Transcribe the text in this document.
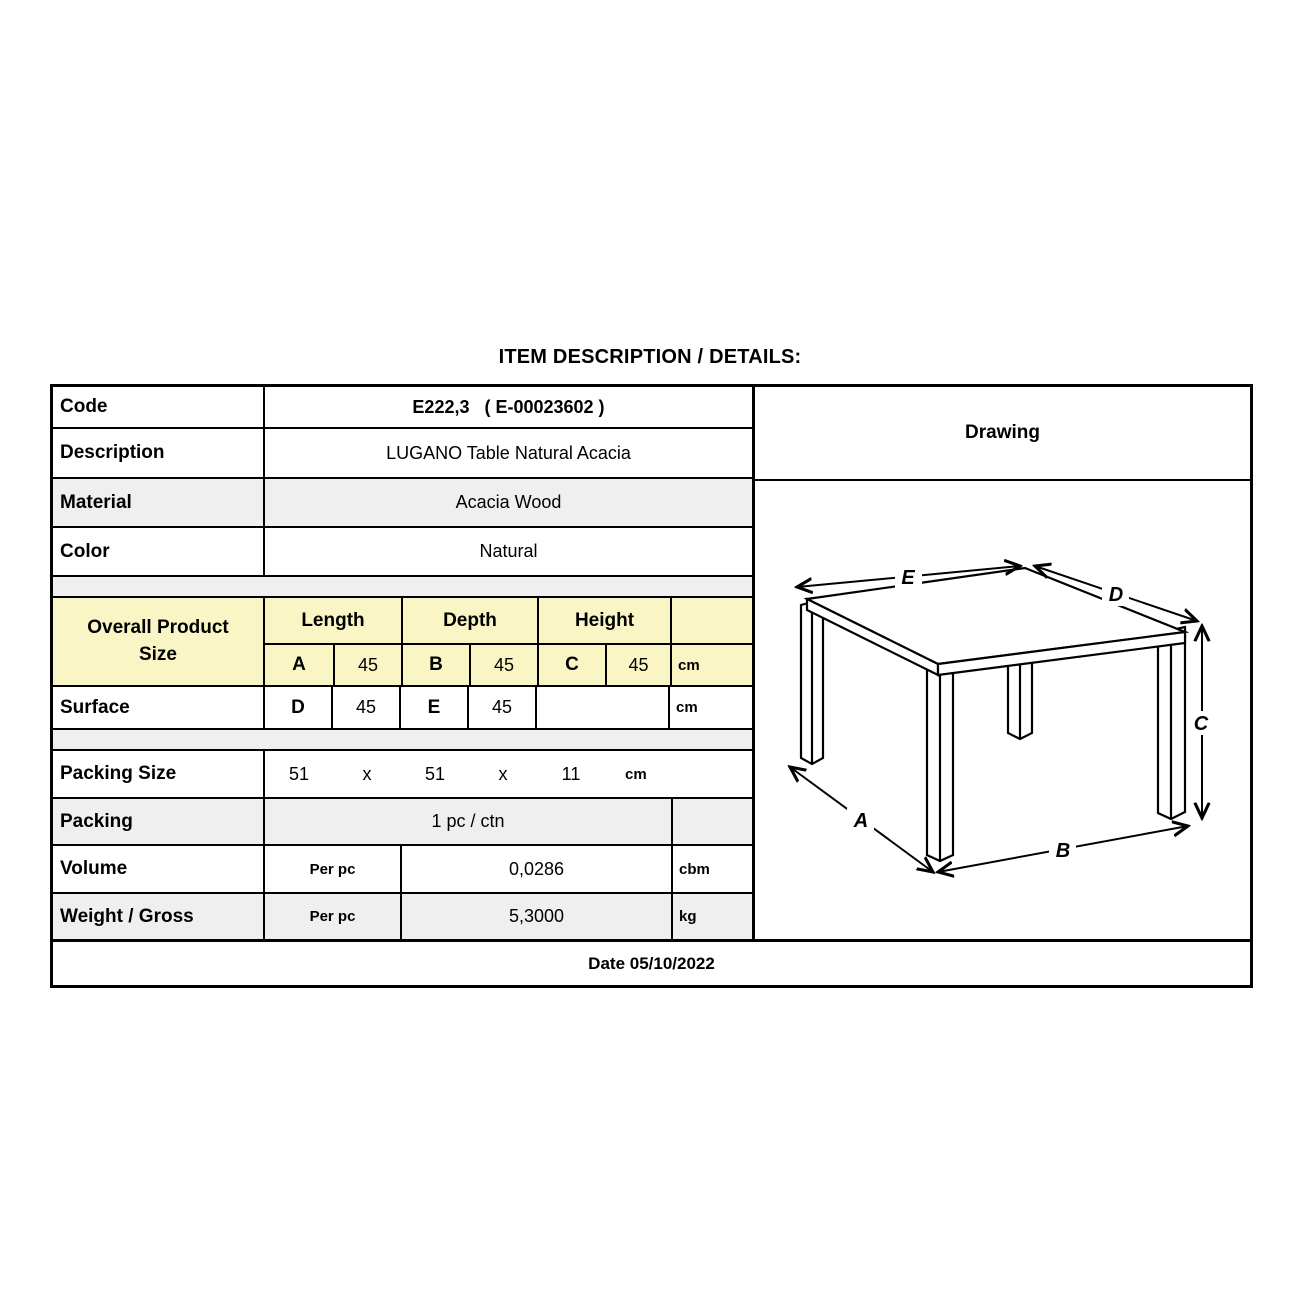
ITEM DESCRIPTION / DETAILS:
Code	E222,3   ( E-00023602 )
Description	LUGANO Table Natural Acacia
Material	Acacia Wood
Color	Natural
Overall Product Size
Length	Depth	Height
A	45	B	45	C	45	cm
Surface	D	45	E	45	cm
Packing Size	51	x	51	x	11	cm
Packing	1 pc / ctn
Volume	Per pc	0,0286	cbm
Weight / Gross	Per pc	5,3000	kg
Drawing
E
D
C
A
B
Date 05/10/2022
